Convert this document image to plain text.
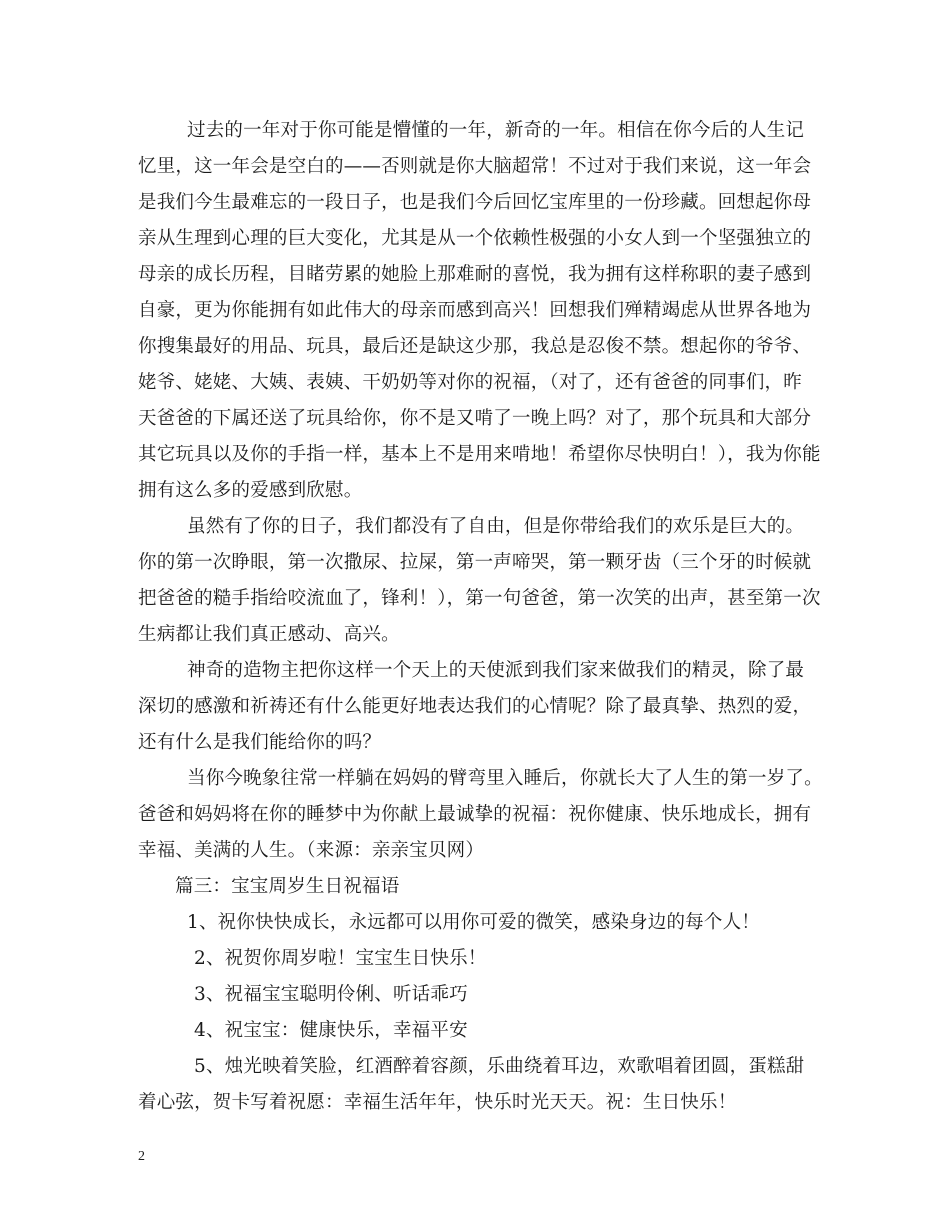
过去的一年对于你可能是懵懂的一年，新奇的一年。相信在你今后的人生记
忆里，这一年会是空白的——否则就是你大脑超常！不过对于我们来说，这一年会
是我们今生最难忘的一段日子，也是我们今后回忆宝库里的一份珍藏。回想起你母
亲从生理到心理的巨大变化，尤其是从一个依赖性极强的小女人到一个坚强独立的
母亲的成长历程，目睹劳累的她脸上那难耐的喜悦，我为拥有这样称职的妻子感到
自豪，更为你能拥有如此伟大的母亲而感到高兴！回想我们殚精竭虑从世界各地为
你搜集最好的用品、玩具，最后还是缺这少那，我总是忍俊不禁。想起你的爷爷、
姥爷、姥姥、大姨、表姨、干奶奶等对你的祝福，（对了，还有爸爸的同事们，昨
天爸爸的下属还送了玩具给你，你不是又啃了一晚上吗？对了，那个玩具和大部分
其它玩具以及你的手指一样，基本上不是用来啃地！希望你尽快明白！），我为你能
拥有这么多的爱感到欣慰。
虽然有了你的日子，我们都没有了自由，但是你带给我们的欢乐是巨大的。
你的第一次睁眼，第一次撒尿、拉屎，第一声啼哭，第一颗牙齿（三个牙的时候就
把爸爸的糙手指给咬流血了，锋利！），第一句爸爸，第一次笑的出声，甚至第一次
生病都让我们真正感动、高兴。
神奇的造物主把你这样一个天上的天使派到我们家来做我们的精灵，除了最
深切的感激和祈祷还有什么能更好地表达我们的心情呢？除了最真挚、热烈的爱，
还有什么是我们能给你的吗？
当你今晚象往常一样躺在妈妈的臂弯里入睡后，你就长大了人生的第一岁了。
爸爸和妈妈将在你的睡梦中为你献上最诚挚的祝福：祝你健康、快乐地成长，拥有
幸福、美满的人生。（来源：亲亲宝贝网）
篇三：宝宝周岁生日祝福语
1、祝你快快成长，永远都可以用你可爱的微笑，感染身边的每个人！
2、祝贺你周岁啦！宝宝生日快乐！
3、祝福宝宝聪明伶俐、听话乖巧
4、祝宝宝：健康快乐，幸福平安
5、烛光映着笑脸，红酒醉着容颜，乐曲绕着耳边，欢歌唱着团圆，蛋糕甜
着心弦，贺卡写着祝愿：幸福生活年年，快乐时光天天。祝：生日快乐！
2
